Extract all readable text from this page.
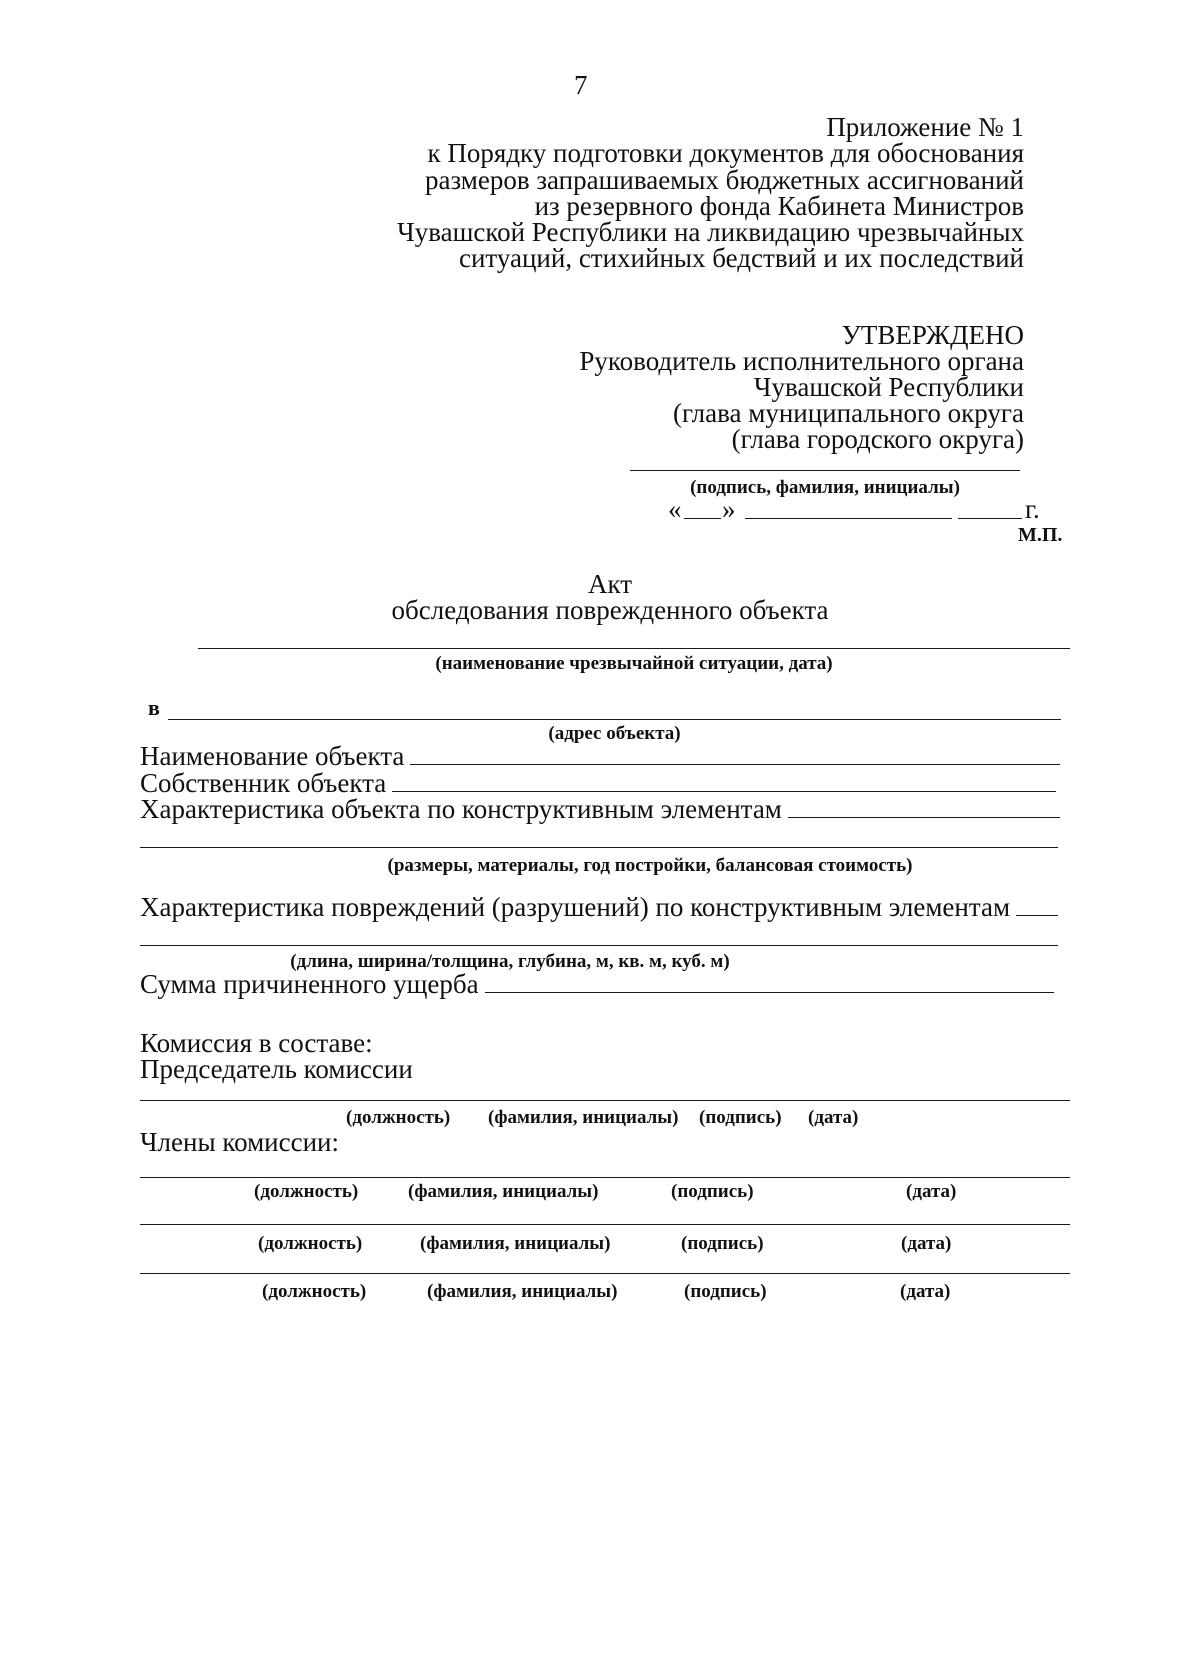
7
Приложение № 1
к Порядку подготовки документов для обоснования
размеров запрашиваемых бюджетных ассигнований
из резервного фонда Кабинета Министров
Чувашской Республики на ликвидацию чрезвычайных
ситуаций, стихийных бедствий и их последствий
УТВЕРЖДЕНО
Руководитель исполнительного органа
Чувашской Республики
(глава муниципального округа
(глава городского округа)
(подпись, фамилия, инициалы)
« »	г.
М.П.
Акт
обследования поврежденного объекта
(наименование чрезвычайной ситуации, дата)
в
(адрес объекта)
Наименование объекта
Собственник объекта
Характеристика объекта по конструктивным элементам
(размеры, материалы, год постройки, балансовая стоимость)
Характеристика повреждений (разрушений) по конструктивным элементам
(длина, ширина/толщина, глубина, м, кв. м, куб. м)
Сумма причиненного ущерба
Комиссия в составе:
Председатель комиссии
(должность) (фамилия, инициалы) (подпись) (дата)
Члены комиссии:
(должность)	(фамилия, инициалы)	(подпись)	(дата)
(должность)	(фамилия, инициалы)	(подпись)	(дата)
(должность)	(фамилия, инициалы)	(подпись)	(дата)
